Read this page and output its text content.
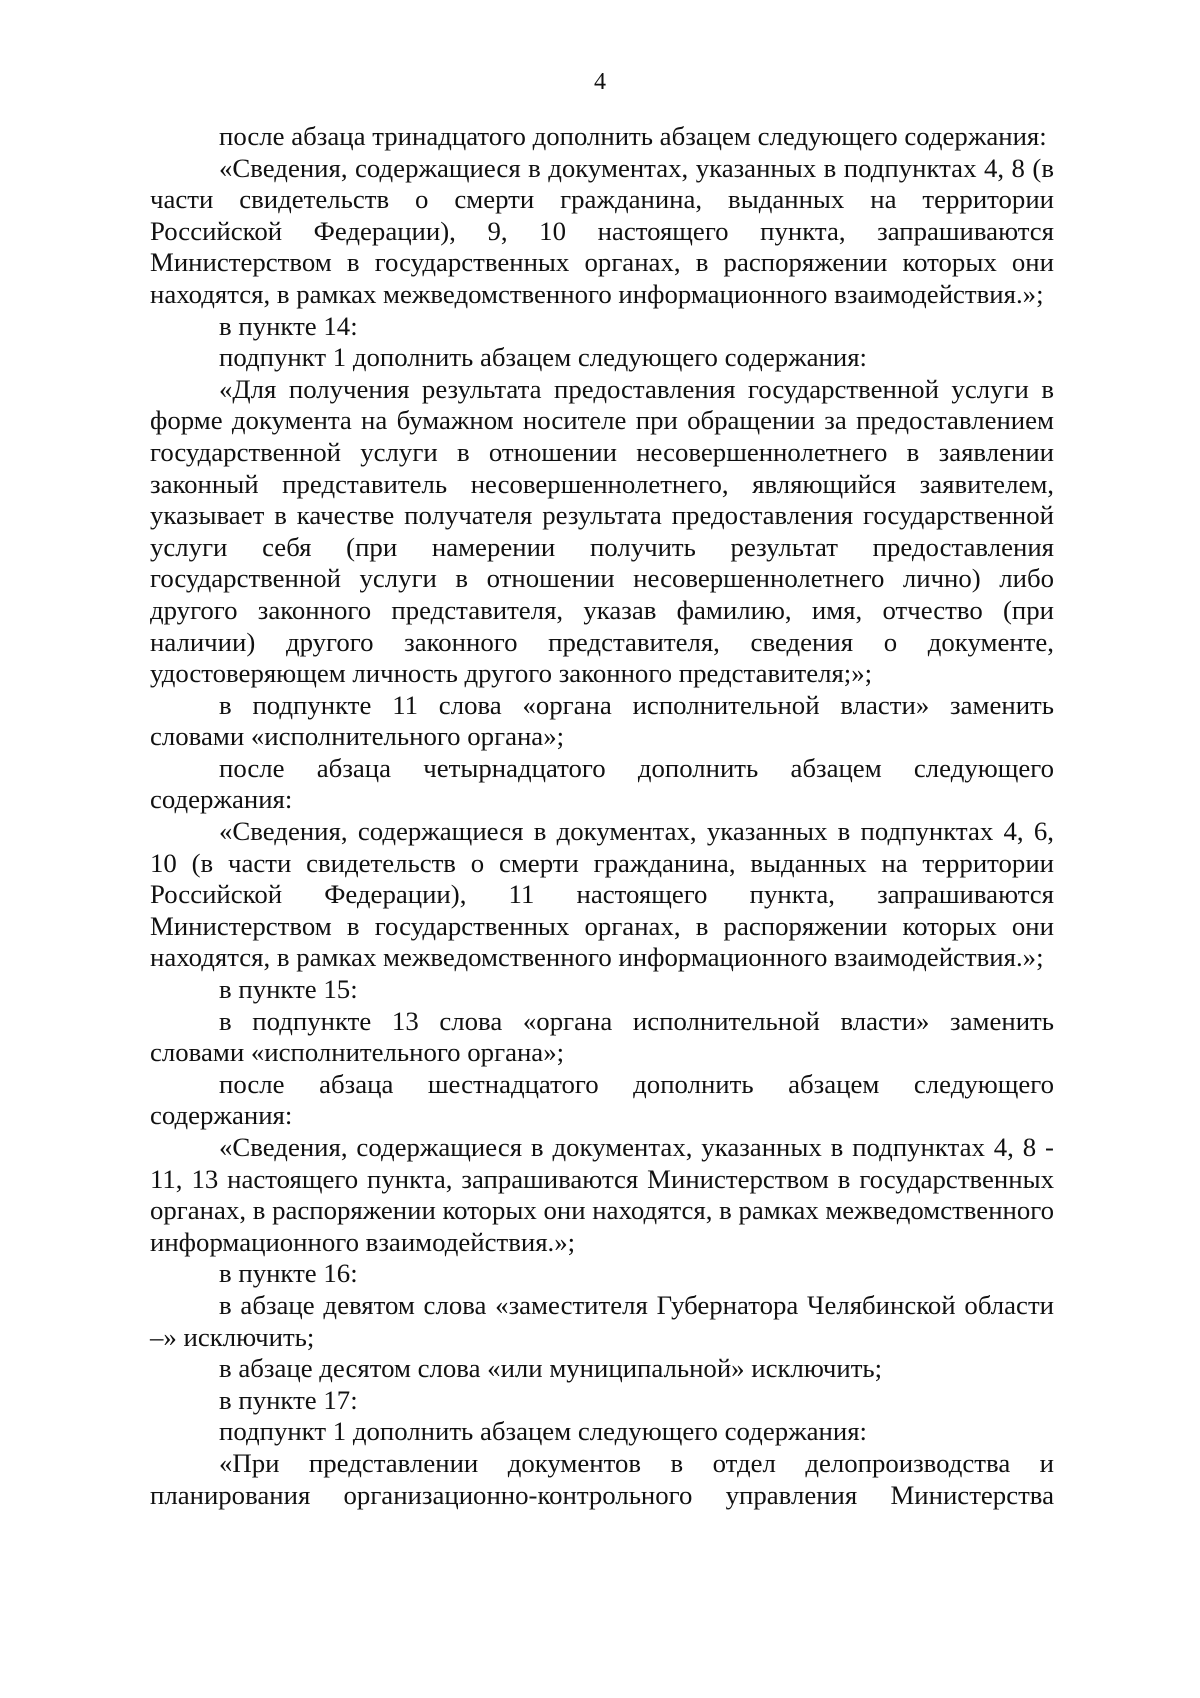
4

после абзаца тринадцатого дополнить абзацем следующего содержания:

«Сведения, содержащиеся в документах, указанных в подпунктах 4, 8 (в части свидетельств о смерти гражданина, выданных на территории Российской Федерации), 9, 10 настоящего пункта, запрашиваются Министерством в государственных органах, в распоряжении которых они находятся, в рамках межведомственного информационного взаимодействия.»;

в пункте 14:

подпункт 1 дополнить абзацем следующего содержания:

«Для получения результата предоставления государственной услуги в форме документа на бумажном носителе при обращении за предоставлением государственной услуги в отношении несовершеннолетнего в заявлении законный представитель несовершеннолетнего, являющийся заявителем, указывает в качестве получателя результата предоставления государственной услуги себя (при намерении получить результат предоставления государственной услуги в отношении несовершеннолетнего лично) либо другого законного представителя, указав фамилию, имя, отчество (при наличии) другого законного представителя, сведения о документе, удостоверяющем личность другого законного представителя;»;

в подпункте 11 слова «органа исполнительной власти» заменить словами «исполнительного органа»;

после абзаца четырнадцатого дополнить абзацем следующего содержания:

«Сведения, содержащиеся в документах, указанных в подпунктах 4, 6, 10 (в части свидетельств о смерти гражданина, выданных на территории Российской Федерации), 11 настоящего пункта, запрашиваются Министерством в государственных органах, в распоряжении которых они находятся, в рамках межведомственного информационного взаимодействия.»;

в пункте 15:

в подпункте 13 слова «органа исполнительной власти» заменить словами «исполнительного органа»;

после абзаца шестнадцатого дополнить абзацем следующего содержания:

«Сведения, содержащиеся в документах, указанных в подпунктах 4, 8 - 11, 13 настоящего пункта, запрашиваются Министерством в государственных органах, в распоряжении которых они находятся, в рамках межведомственного информационного взаимодействия.»;

в пункте 16:

в абзаце девятом слова «заместителя Губернатора Челябинской области –» исключить;

в абзаце десятом слова «или муниципальной» исключить;

в пункте 17:

подпункт 1 дополнить абзацем следующего содержания:

«При представлении документов в отдел делопроизводства и планирования организационно-контрольного управления Министерства
